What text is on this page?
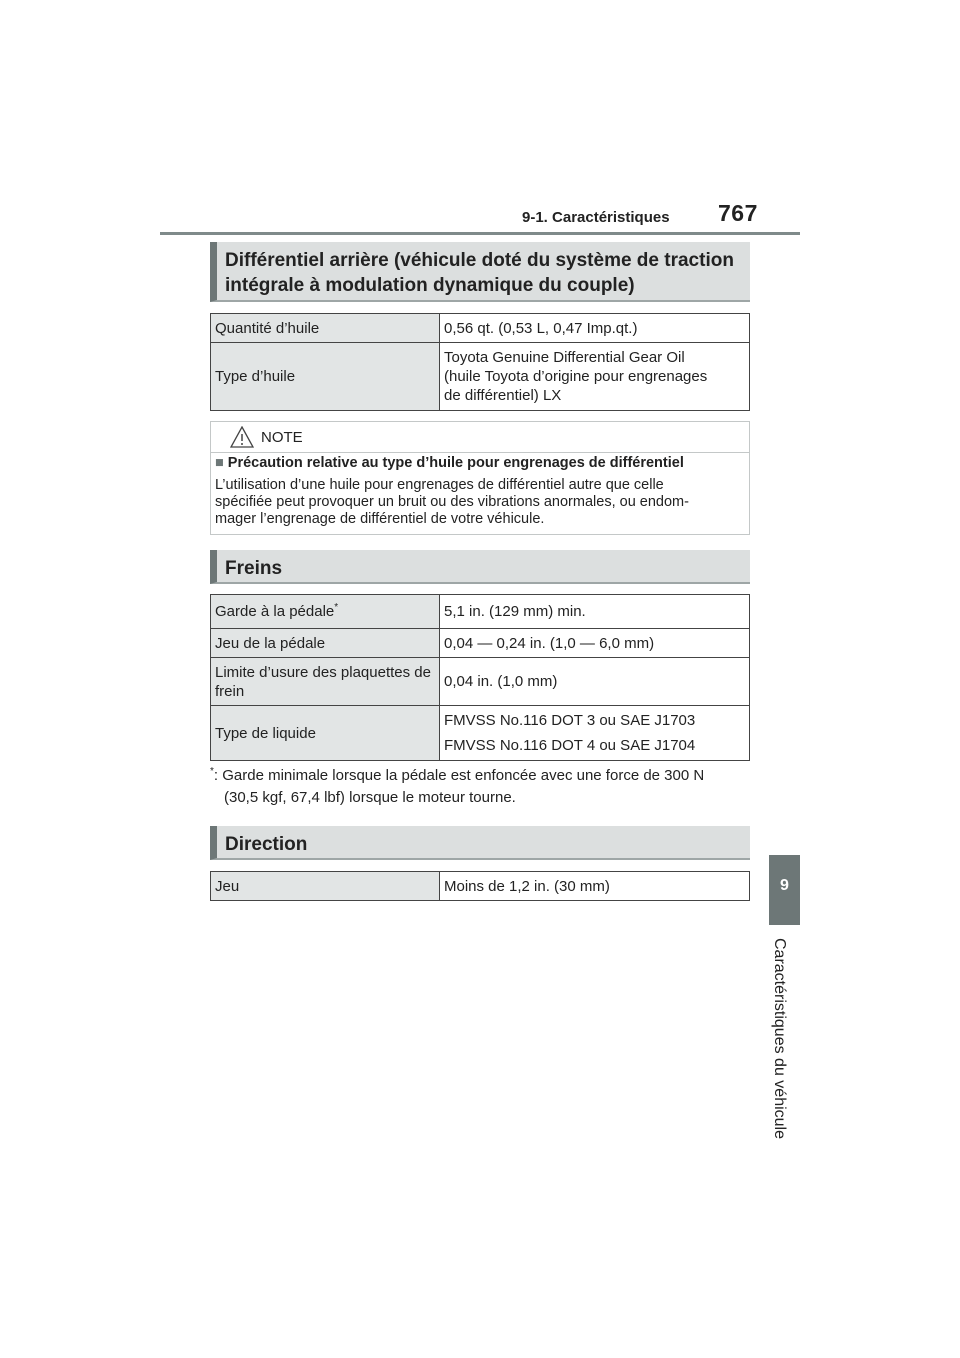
9-1. Caractéristiques 767
9
Caractéristiques du véhicule
Différentiel arrière (véhicule doté du système de traction
intégrale à modulation dynamique du couple)
Quantité d’huile	0,56 qt. (0,53 L, 0,47 Imp.qt.)

Type d’huile	Toyota Genuine Differential Gear Oil
(huile Toyota d’origine pour engrenages
de différentiel) LX
NOTE
■ Précaution relative au type d’huile pour engrenages de différentiel
L’utilisation d’une huile pour engrenages de différentiel autre que celle
spécifiée peut provoquer un bruit ou des vibrations anormales, ou endom-
mager l’engrenage de différentiel de votre véhicule.
Freins
Garde à la pédale*	5,1 in. (129 mm) min.

Jeu de la pédale	0,04 — 0,24 in. (1,0 — 6,0 mm)

Limite d’usure des plaquettes de frein	0,04 in. (1,0 mm)

Type de liquide	FMVSS No.116 DOT 3 ou SAE J1703
FMVSS No.116 DOT 4 ou SAE J1704
*: Garde minimale lorsque la pédale est enfoncée avec une force de 300 N
(30,5 kgf, 67,4 lbf) lorsque le moteur tourne.
Direction
Jeu	Moins de 1,2 in. (30 mm)
